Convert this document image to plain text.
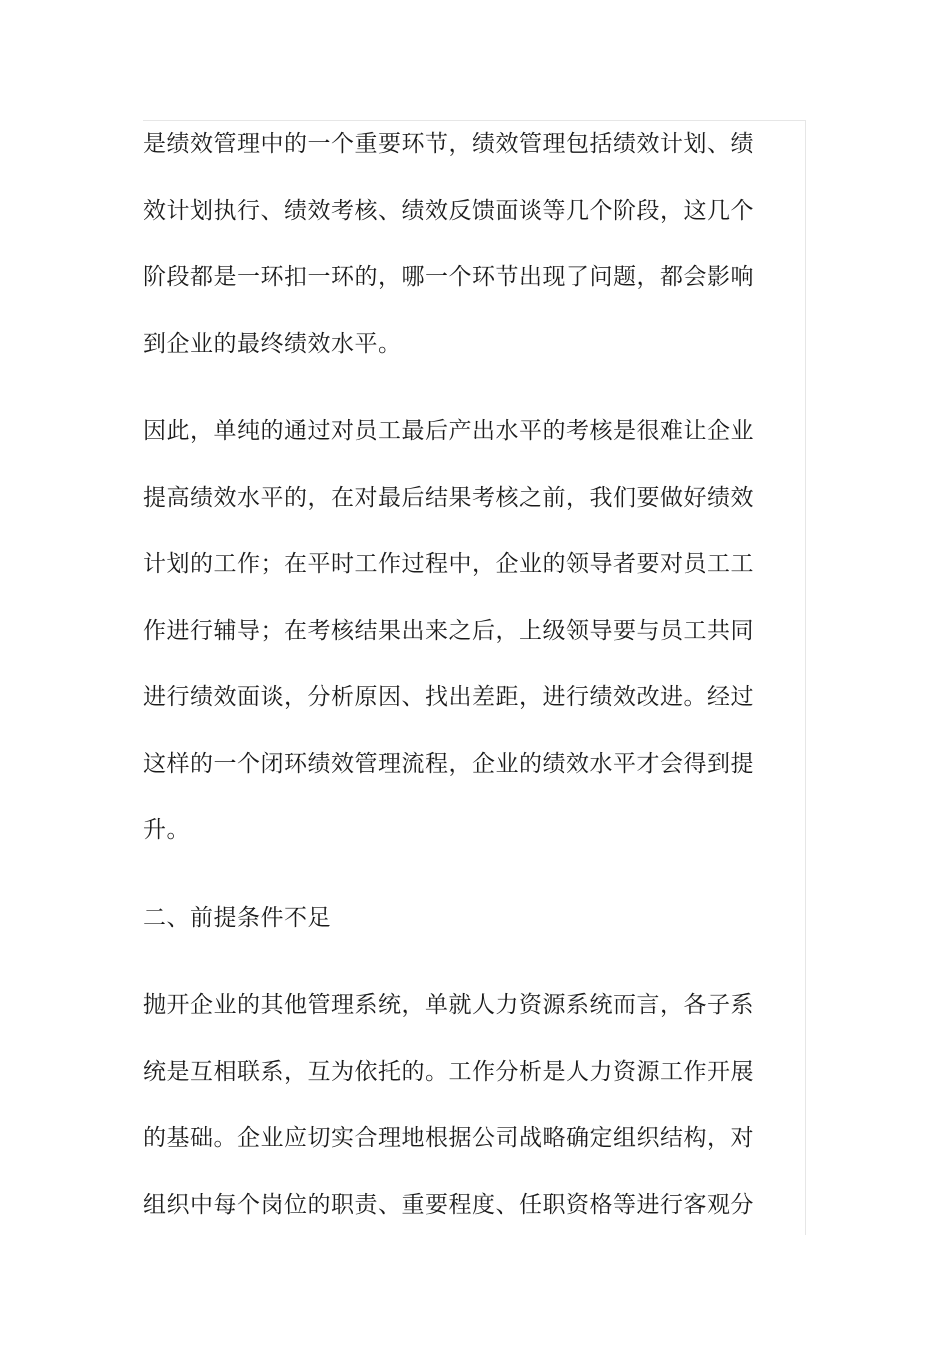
是绩效管理中的一个重要环节，绩效管理包括绩效计划、绩
效计划执行、绩效考核、绩效反馈面谈等几个阶段，这几个
阶段都是一环扣一环的，哪一个环节出现了问题，都会影响
到企业的最终绩效水平。
因此，单纯的通过对员工最后产出水平的考核是很难让企业
提高绩效水平的，在对最后结果考核之前，我们要做好绩效
计划的工作；在平时工作过程中，企业的领导者要对员工工
作进行辅导；在考核结果出来之后，上级领导要与员工共同
进行绩效面谈，分析原因、找出差距，进行绩效改进。经过
这样的一个闭环绩效管理流程，企业的绩效水平才会得到提
升。
二、前提条件不足
抛开企业的其他管理系统，单就人力资源系统而言，各子系
统是互相联系，互为依托的。工作分析是人力资源工作开展
的基础。企业应切实合理地根据公司战略确定组织结构，对
组织中每个岗位的职责、重要程度、任职资格等进行客观分
